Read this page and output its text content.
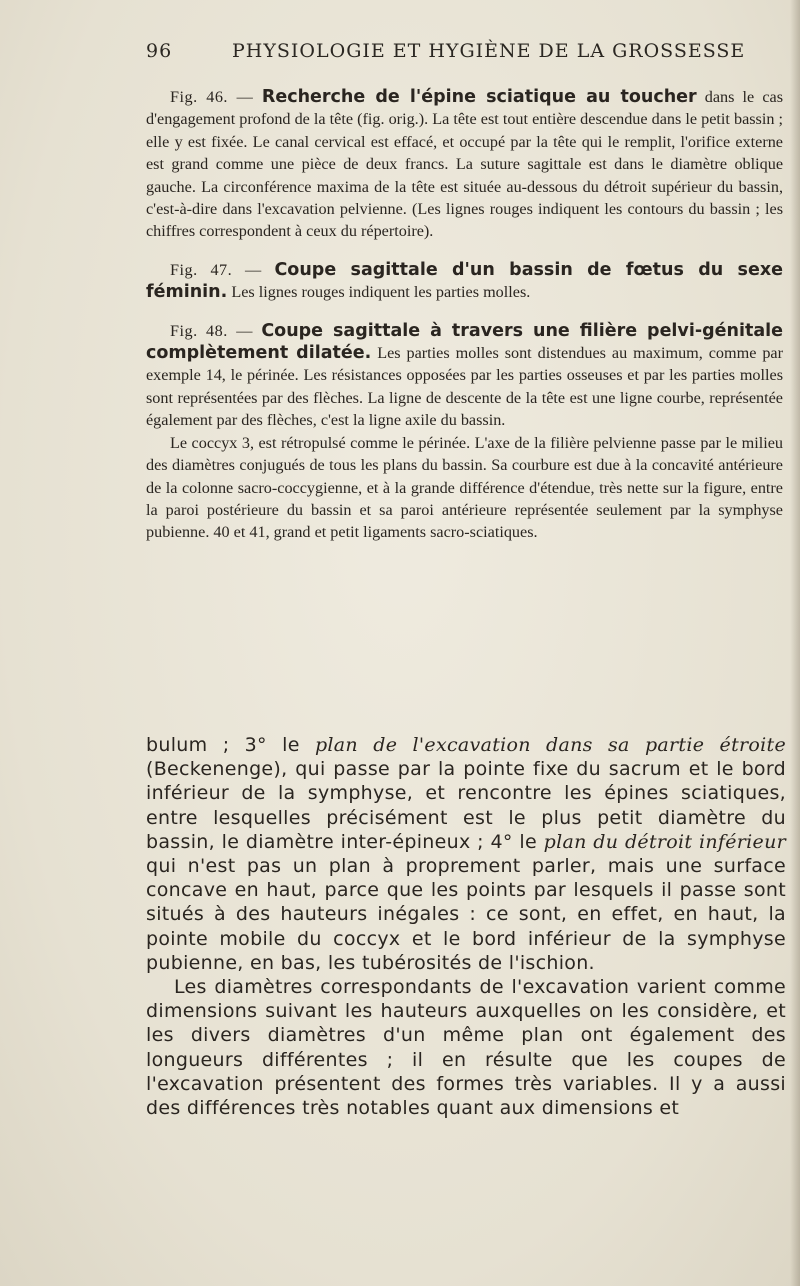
96	PHYSIOLOGIE ET HYGIÈNE DE LA GROSSESSE

Fig. 46. — Recherche de l'épine sciatique au toucher dans le cas d'engagement profond de la tête (fig. orig.). La tête est tout entière descendue dans le petit bassin ; elle y est fixée. Le canal cervical est effacé, et occupé par la tête qui le remplit, l'orifice externe est grand comme une pièce de deux francs. La suture sagittale est dans le diamètre oblique gauche. La circonférence maxima de la tête est située au-dessous du détroit supérieur du bassin, c'est-à-dire dans l'excavation pelvienne. (Les lignes rouges indiquent les contours du bassin ; les chiffres correspondent à ceux du répertoire).

Fig. 47. — Coupe sagittale d'un bassin de fœtus du sexe féminin. Les lignes rouges indiquent les parties molles.

Fig. 48. — Coupe sagittale à travers une filière pelvi-génitale complètement dilatée. Les parties molles sont distendues au maximum, comme par exemple 14, le périnée. Les résistances opposées par les parties osseuses et par les parties molles sont représentées par des flèches. La ligne de descente de la tête est une ligne courbe, représentée également par des flèches, c'est la ligne axile du bassin.

Le coccyx 3, est rétropulsé comme le périnée. L'axe de la filière pelvienne passe par le milieu des diamètres conjugués de tous les plans du bassin. Sa courbure est due à la concavité antérieure de la colonne sacro-coccygienne, et à la grande différence d'étendue, très nette sur la figure, entre la paroi postérieure du bassin et sa paroi antérieure représentée seulement par la symphyse pubienne. 40 et 41, grand et petit ligaments sacro-sciatiques.

bulum ; 3° le plan de l'excavation dans sa partie étroite (Beckenenge), qui passe par la pointe fixe du sacrum et le bord inférieur de la symphyse, et rencontre les épines sciatiques, entre lesquelles précisément est le plus petit diamètre du bassin, le diamètre inter-épineux ; 4° le plan du détroit inférieur qui n'est pas un plan à proprement parler, mais une surface concave en haut, parce que les points par lesquels il passe sont situés à des hauteurs inégales : ce sont, en effet, en haut, la pointe mobile du coccyx et le bord inférieur de la symphyse pubienne, en bas, les tubérosités de l'ischion.

Les diamètres correspondants de l'excavation varient comme dimensions suivant les hauteurs auxquelles on les considère, et les divers diamètres d'un même plan ont également des longueurs différentes ; il en résulte que les coupes de l'excavation présentent des formes très variables. Il y a aussi des différences très notables quant aux dimensions et
